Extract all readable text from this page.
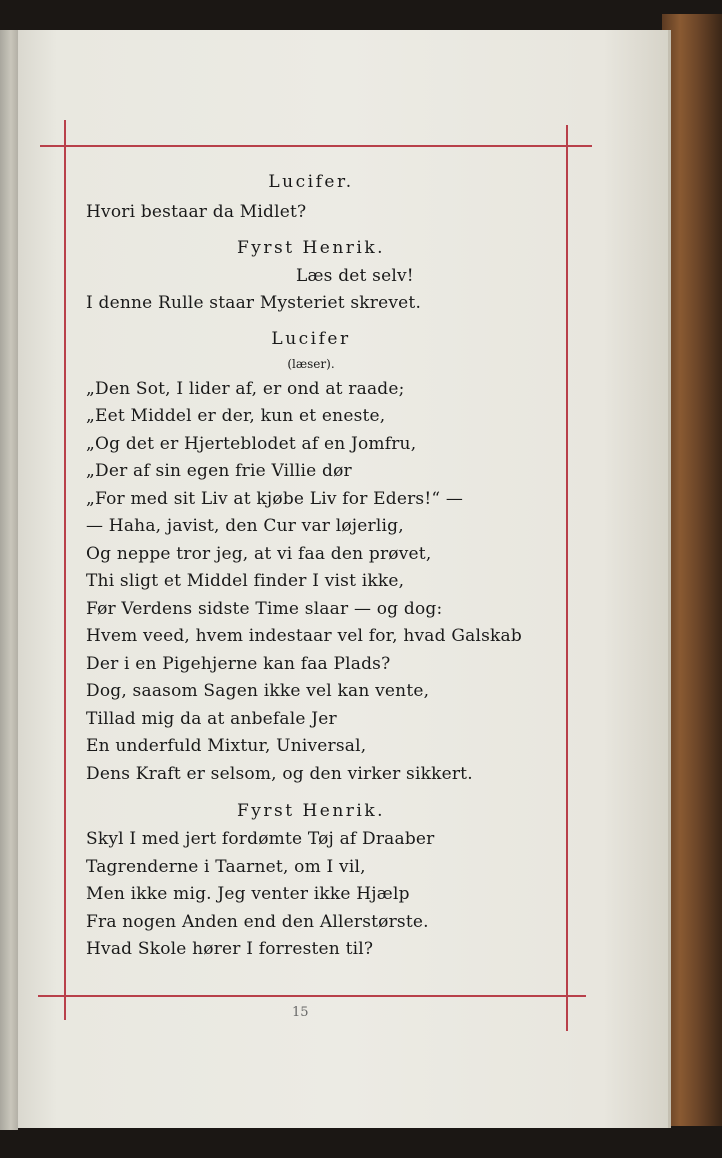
Lucifer.
Hvori bestaar da Midlet?
Fyrst Henrik.
Læs det selv!
I denne Rulle staar Mysteriet skrevet.
Lucifer
(læser).
„Den Sot, I lider af, er ond at raade;
„Eet Middel er der, kun et eneste,
„Og det er Hjerteblodet af en Jomfru,
„Der af sin egen frie Villie dør
„For med sit Liv at kjøbe Liv for Eders!“ —
— Haha, javist, den Cur var løjerlig,
Og neppe tror jeg, at vi faa den prøvet,
Thi sligt et Middel finder I vist ikke,
Før Verdens sidste Time slaar — og dog:
Hvem veed, hvem indestaar vel for, hvad Galskab
Der i en Pigehjerne kan faa Plads?
Dog, saasom Sagen ikke vel kan vente,
Tillad mig da at anbefale Jer
En underfuld Mixtur, Universal,
Dens Kraft er selsom, og den virker sikkert.
Fyrst Henrik.
Skyl I med jert fordømte Tøj af Draaber
Tagrenderne i Taarnet, om I vil,
Men ikke mig. Jeg venter ikke Hjælp
Fra nogen Anden end den Allerstørste.
Hvad Skole hører I forresten til?
15
